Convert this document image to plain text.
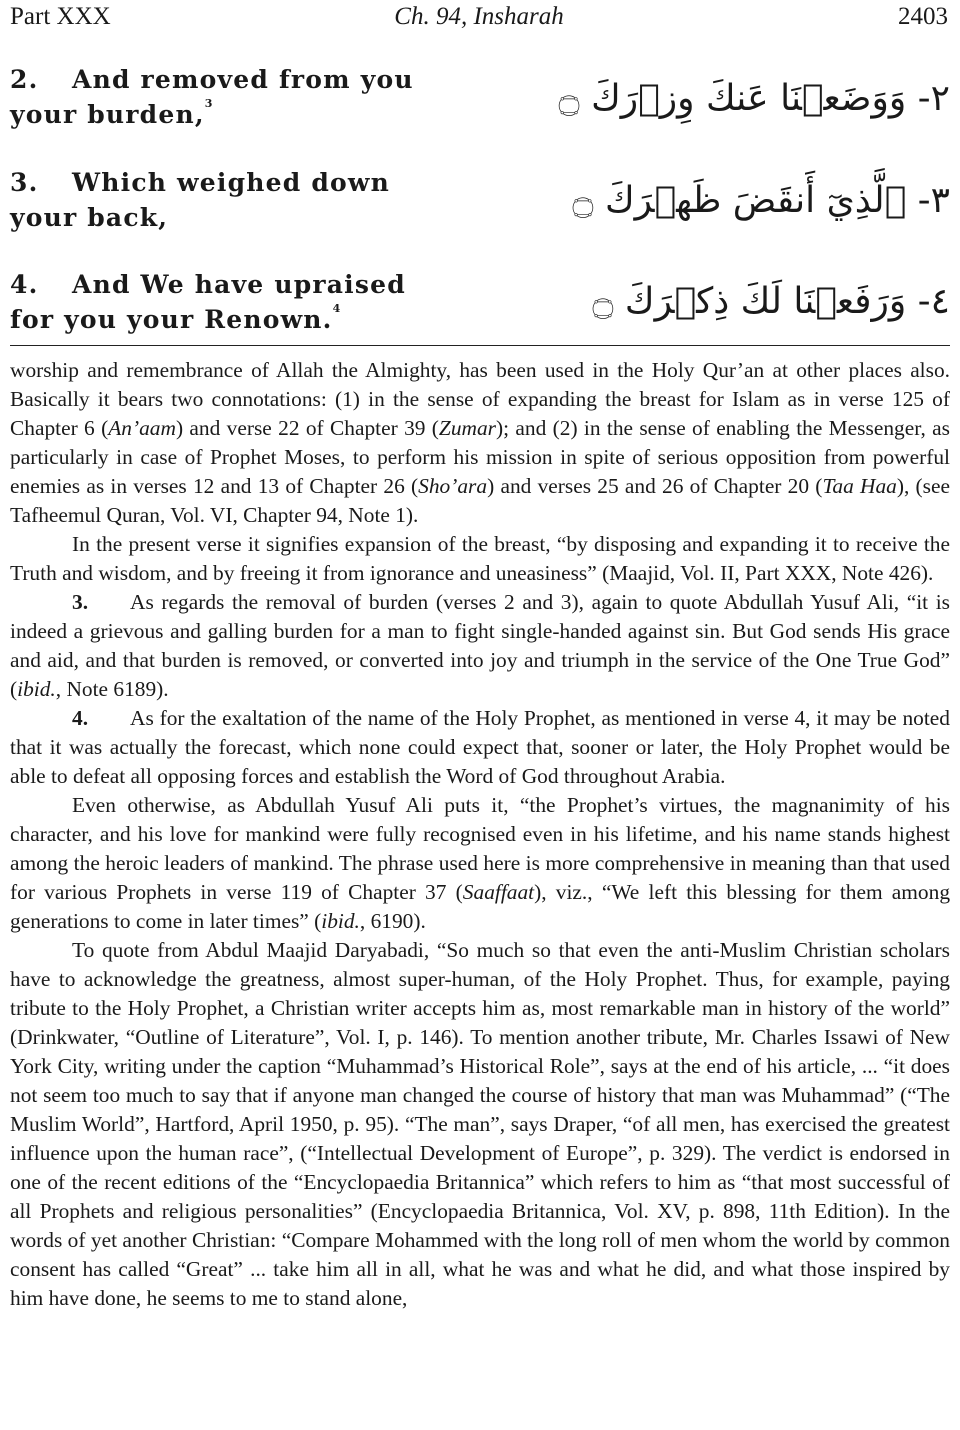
Part XXX	Ch. 94, Insharah	2403
2. And removed from you your burden,$^3$	٢- وَوَضَعۡنَا عَنكَ وِزۡرَكَ ۝
3. Which weighed down your back,	٣- ٱلَّذِيٓ أَنقَضَ ظَهۡرَكَ ۝
4. And We have upraised for you your Renown.$^4$	٤- وَرَفَعۡنَا لَكَ ذِكۡرَكَ ۝

worship and remembrance of Allah the Almighty, has been used in the Holy Qur’an at other places also. Basically it bears two connotations: (1) in the sense of expanding the breast for Islam as in verse 125 of Chapter 6 (An’aam) and verse 22 of Chapter 39 (Zumar); and (2) in the sense of enabling the Messenger, as particularly in case of Prophet Moses, to perform his mission in spite of serious opposition from powerful enemies as in verses 12 and 13 of Chapter 26 (Sho’ara) and verses 25 and 26 of Chapter 20 (Taa Haa), (see Tafheemul Quran, Vol. VI, Chapter 94, Note 1).

In the present verse it signifies expansion of the breast, “by disposing and expanding it to receive the Truth and wisdom, and by freeing it from ignorance and uneasiness” (Maajid, Vol. II, Part XXX, Note 426).

3. As regards the removal of burden (verses 2 and 3), again to quote Abdullah Yusuf Ali, “it is indeed a grievous and galling burden for a man to fight single-handed against sin. But God sends His grace and aid, and that burden is removed, or converted into joy and triumph in the service of the One True God” (ibid., Note 6189).

4. As for the exaltation of the name of the Holy Prophet, as mentioned in verse 4, it may be noted that it was actually the forecast, which none could expect that, sooner or later, the Holy Prophet would be able to defeat all opposing forces and establish the Word of God throughout Arabia.

Even otherwise, as Abdullah Yusuf Ali puts it, “the Prophet’s virtues, the magnanimity of his character, and his love for mankind were fully recognised even in his lifetime, and his name stands highest among the heroic leaders of mankind. The phrase used here is more comprehensive in meaning than that used for various Prophets in verse 119 of Chapter 37 (Saaffaat), viz., “We left this blessing for them among generations to come in later times” (ibid., 6190).

To quote from Abdul Maajid Daryabadi, “So much so that even the anti-Muslim Christian scholars have to acknowledge the greatness, almost super-human, of the Holy Prophet. Thus, for example, paying tribute to the Holy Prophet, a Christian writer accepts him as, most remarkable man in history of the world” (Drinkwater, “Outline of Literature”, Vol. I, p. 146). To mention another tribute, Mr. Charles Issawi of New York City, writing under the caption “Muhammad’s Historical Role”, says at the end of his article, ... “it does not seem too much to say that if anyone man changed the course of history that man was Muhammad” (“The Muslim World”, Hartford, April 1950, p. 95). “The man”, says Draper, “of all men, has exercised the greatest influence upon the human race”, (“Intellectual Development of Europe”, p. 329). The verdict is endorsed in one of the recent editions of the “Encyclopaedia Britannica” which refers to him as “that most successful of all Prophets and religious personalities” (Encyclopaedia Britannica, Vol. XV, p. 898, 11th Edition). In the words of yet another Christian: “Compare Mohammed with the long roll of men whom the world by common consent has called “Great” ... take him all in all, what he was and what he did, and what those inspired by him have done, he seems to me to stand alone,
